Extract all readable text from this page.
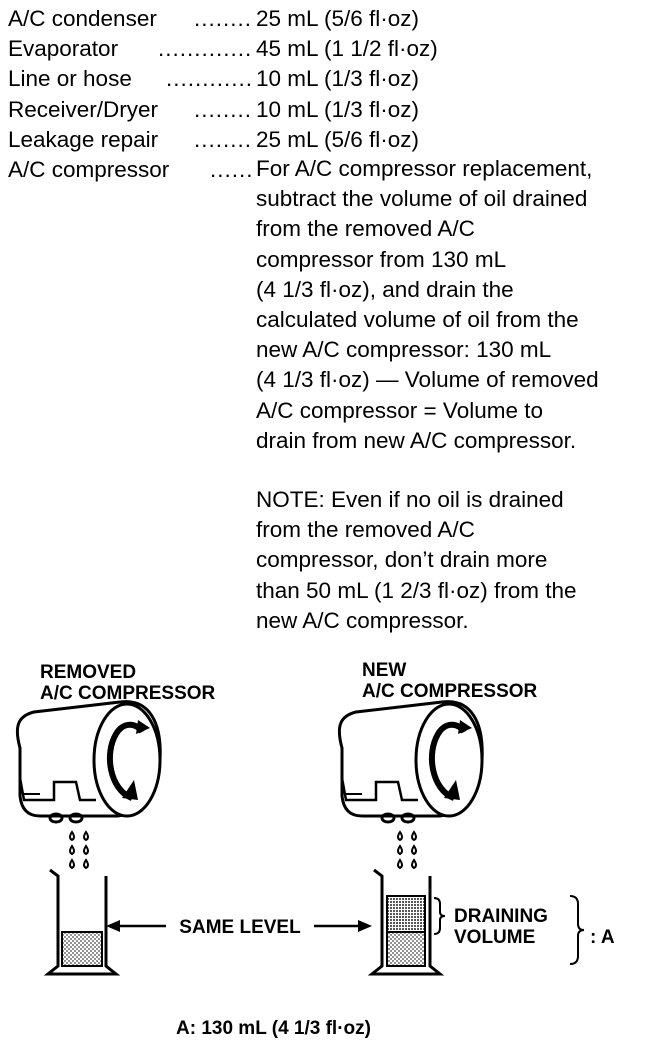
A/C condenser ........ 25 mL (5/6 fl·oz)
Evaporator ............. 45 mL (1 1/2 fl·oz)
Line or hose ............ 10 mL (1/3 fl·oz)
Receiver/Dryer ........ 10 mL (1/3 fl·oz)
Leakage repair ........ 25 mL (5/6 fl·oz)
A/C compressor ...... For A/C compressor replacement,

subtract the volume of oil drained

from the removed A/C

compressor from 130 mL

(4 1/3 fl·oz), and drain the

calculated volume of oil from the

new A/C compressor: 130 mL

(4 1/3 fl·oz) — Volume of removed

A/C compressor = Volume to

drain from new A/C compressor.

NOTE: Even if no oil is drained

from the removed A/C

compressor, don’t drain more

than 50 mL (1 2/3 fl·oz) from the

new A/C compressor.

REMOVED
A/C COMPRESSOR
NEW
A/C COMPRESSOR
SAME LEVEL
DRAINING
VOLUME	: A
A: 130 mL (4 1/3 fl·oz)
